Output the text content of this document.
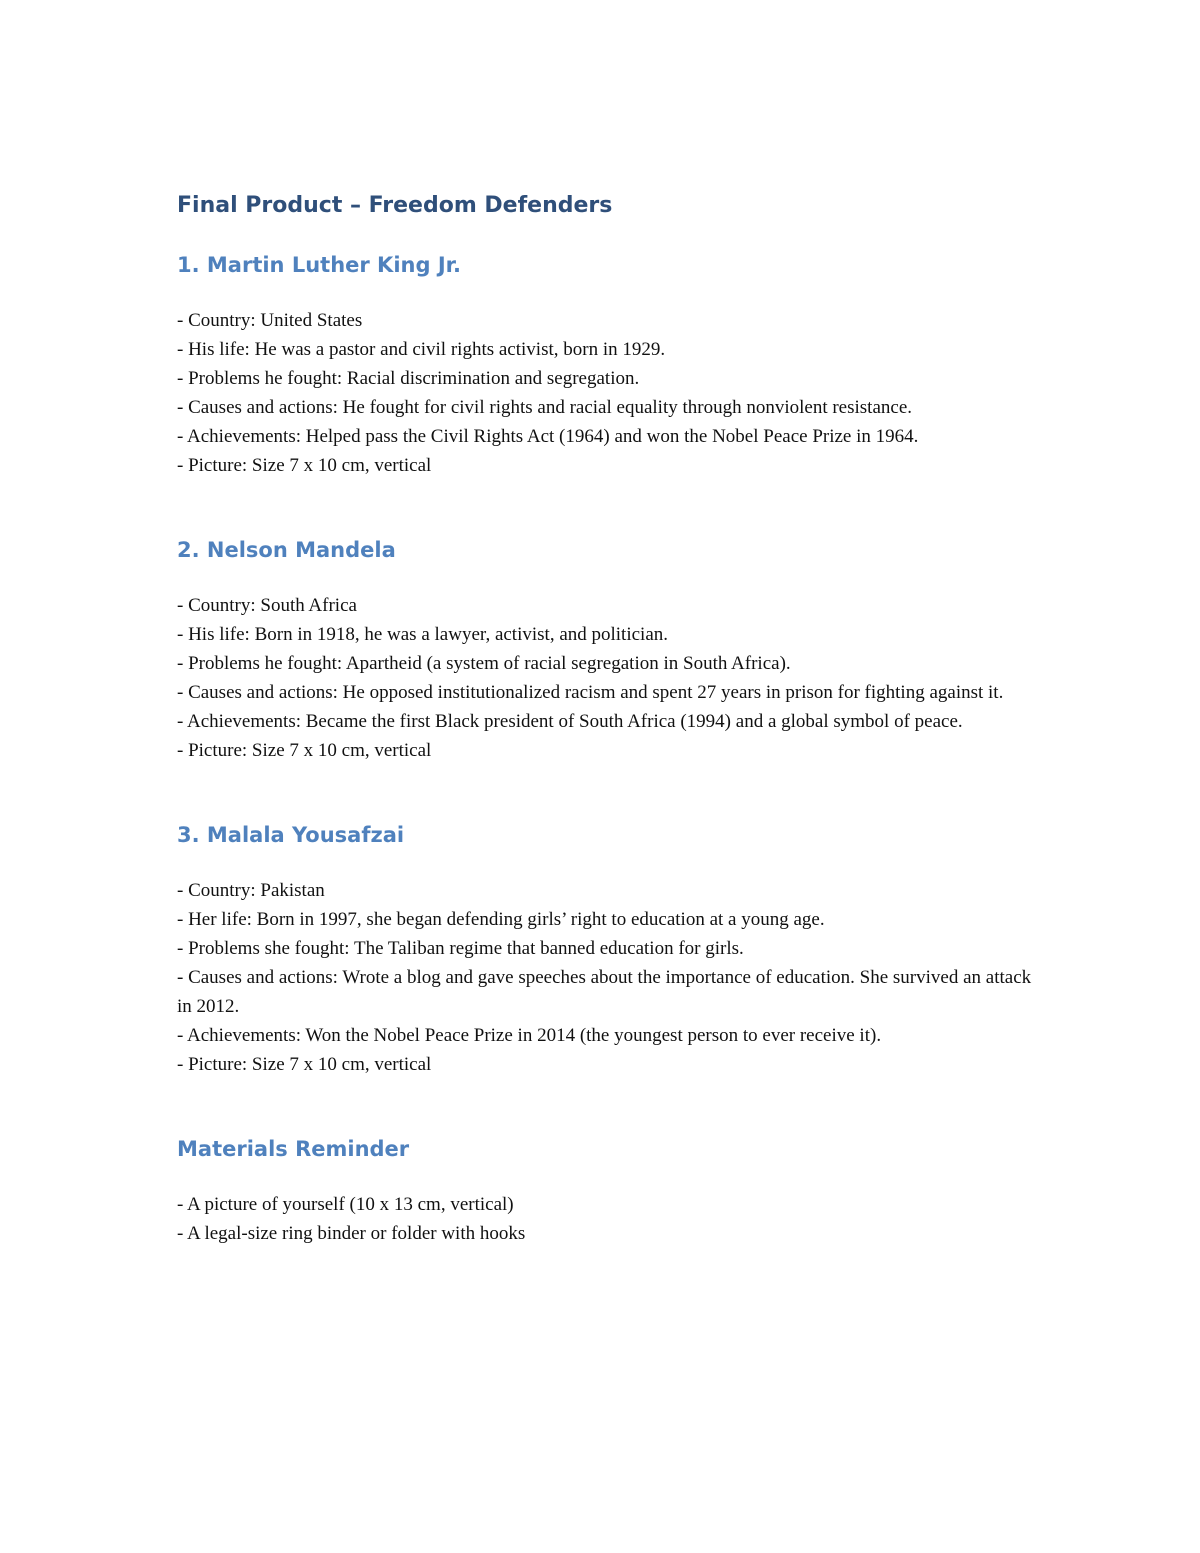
Final Product – Freedom Defenders
1. Martin Luther King Jr.

- Country: United States

- His life: He was a pastor and civil rights activist, born in 1929.

- Problems he fought: Racial discrimination and segregation.

- Causes and actions: He fought for civil rights and racial equality through nonviolent resistance.

- Achievements: Helped pass the Civil Rights Act (1964) and won the Nobel Peace Prize in 1964.

- Picture: Size 7 x 10 cm, vertical

2. Nelson Mandela

- Country: South Africa

- His life: Born in 1918, he was a lawyer, activist, and politician.

- Problems he fought: Apartheid (a system of racial segregation in South Africa).

- Causes and actions: He opposed institutionalized racism and spent 27 years in prison for fighting against it.

- Achievements: Became the first Black president of South Africa (1994) and a global symbol of peace.

- Picture: Size 7 x 10 cm, vertical

3. Malala Yousafzai

- Country: Pakistan

- Her life: Born in 1997, she began defending girls’ right to education at a young age.

- Problems she fought: The Taliban regime that banned education for girls.

- Causes and actions: Wrote a blog and gave speeches about the importance of education. She survived an attack in 2012.

- Achievements: Won the Nobel Peace Prize in 2014 (the youngest person to ever receive it).

- Picture: Size 7 x 10 cm, vertical

Materials Reminder

- A picture of yourself (10 x 13 cm, vertical)

- A legal-size ring binder or folder with hooks
